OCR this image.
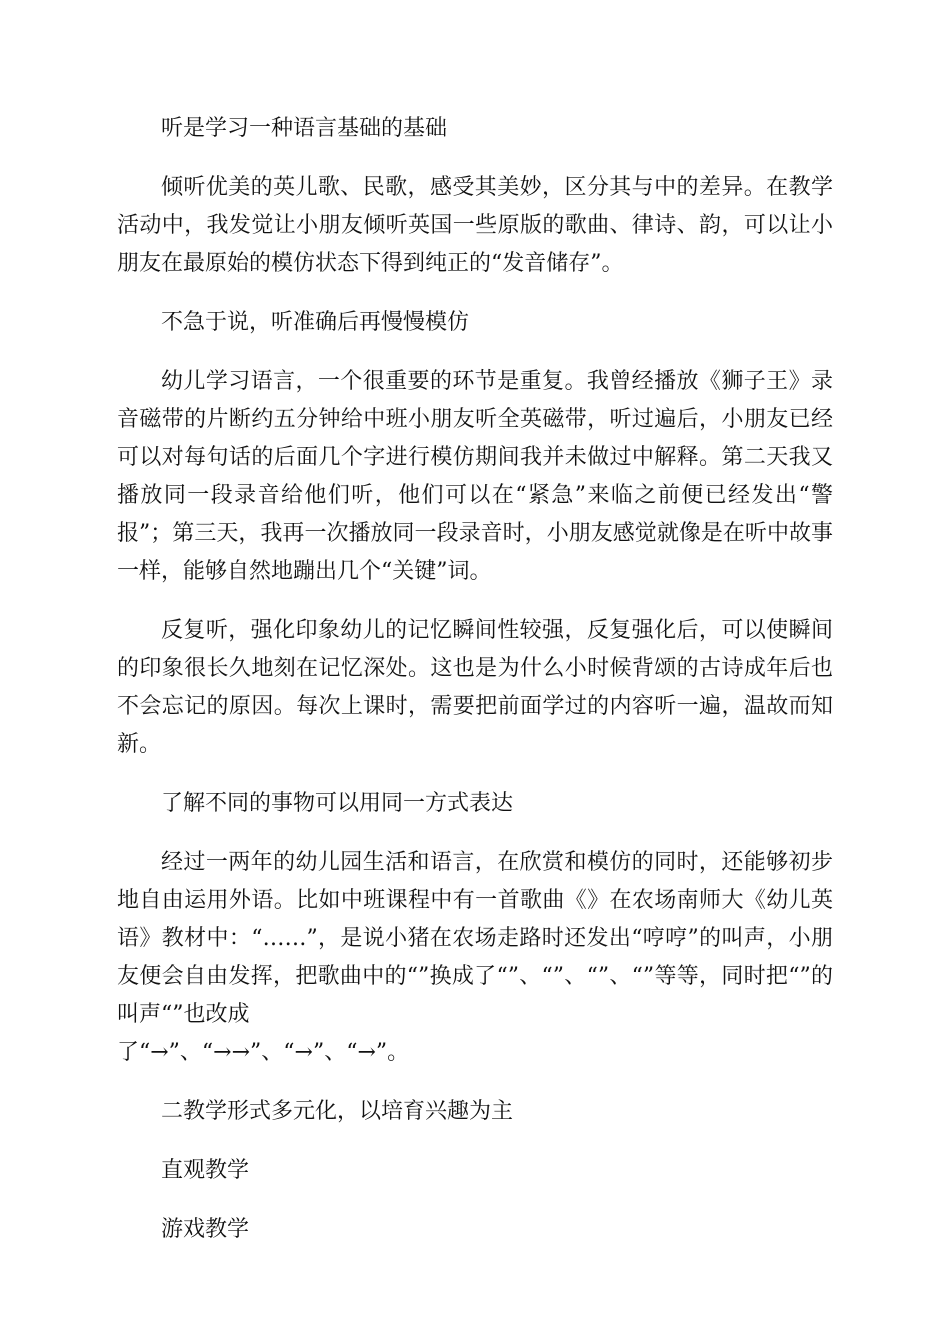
听是学习一种语言基础的基础

倾听优美的英儿歌、民歌，感受其美妙，区分其与中的差异。在教学活动中，我发觉让小朋友倾听英国一些原版的歌曲、律诗、韵，可以让小朋友在最原始的模仿状态下得到纯正的“发音储存”。

不急于说，听准确后再慢慢模仿

幼儿学习语言，一个很重要的环节是重复。我曾经播放《狮子王》录音磁带的片断约五分钟给中班小朋友听全英磁带，听过遍后，小朋友已经可以对每句话的后面几个字进行模仿期间我并未做过中解释。第二天我又播放同一段录音给他们听，他们可以在“紧急”来临之前便已经发出“警报”；第三天，我再一次播放同一段录音时，小朋友感觉就像是在听中故事一样，能够自然地蹦出几个“关键”词。

反复听，强化印象幼儿的记忆瞬间性较强，反复强化后，可以使瞬间的印象很长久地刻在记忆深处。这也是为什么小时候背颂的古诗成年后也不会忘记的原因。每次上课时，需要把前面学过的内容听一遍，温故而知新。

了解不同的事物可以用同一方式表达

经过一两年的幼儿园生活和语言，在欣赏和模仿的同时，还能够初步地自由运用外语。比如中班课程中有一首歌曲《》在农场南师大《幼儿英语》教材中：“……”，是说小猪在农场走路时还发出“哼哼”的叫声，小朋友便会自由发挥，把歌曲中的“”换成了“”、“”、“”、“”等等，同时把“”的叫声“”也改成
了“→”、“→→”、“→”、“→”。

二教学形式多元化，以培育兴趣为主

直观教学

游戏教学
